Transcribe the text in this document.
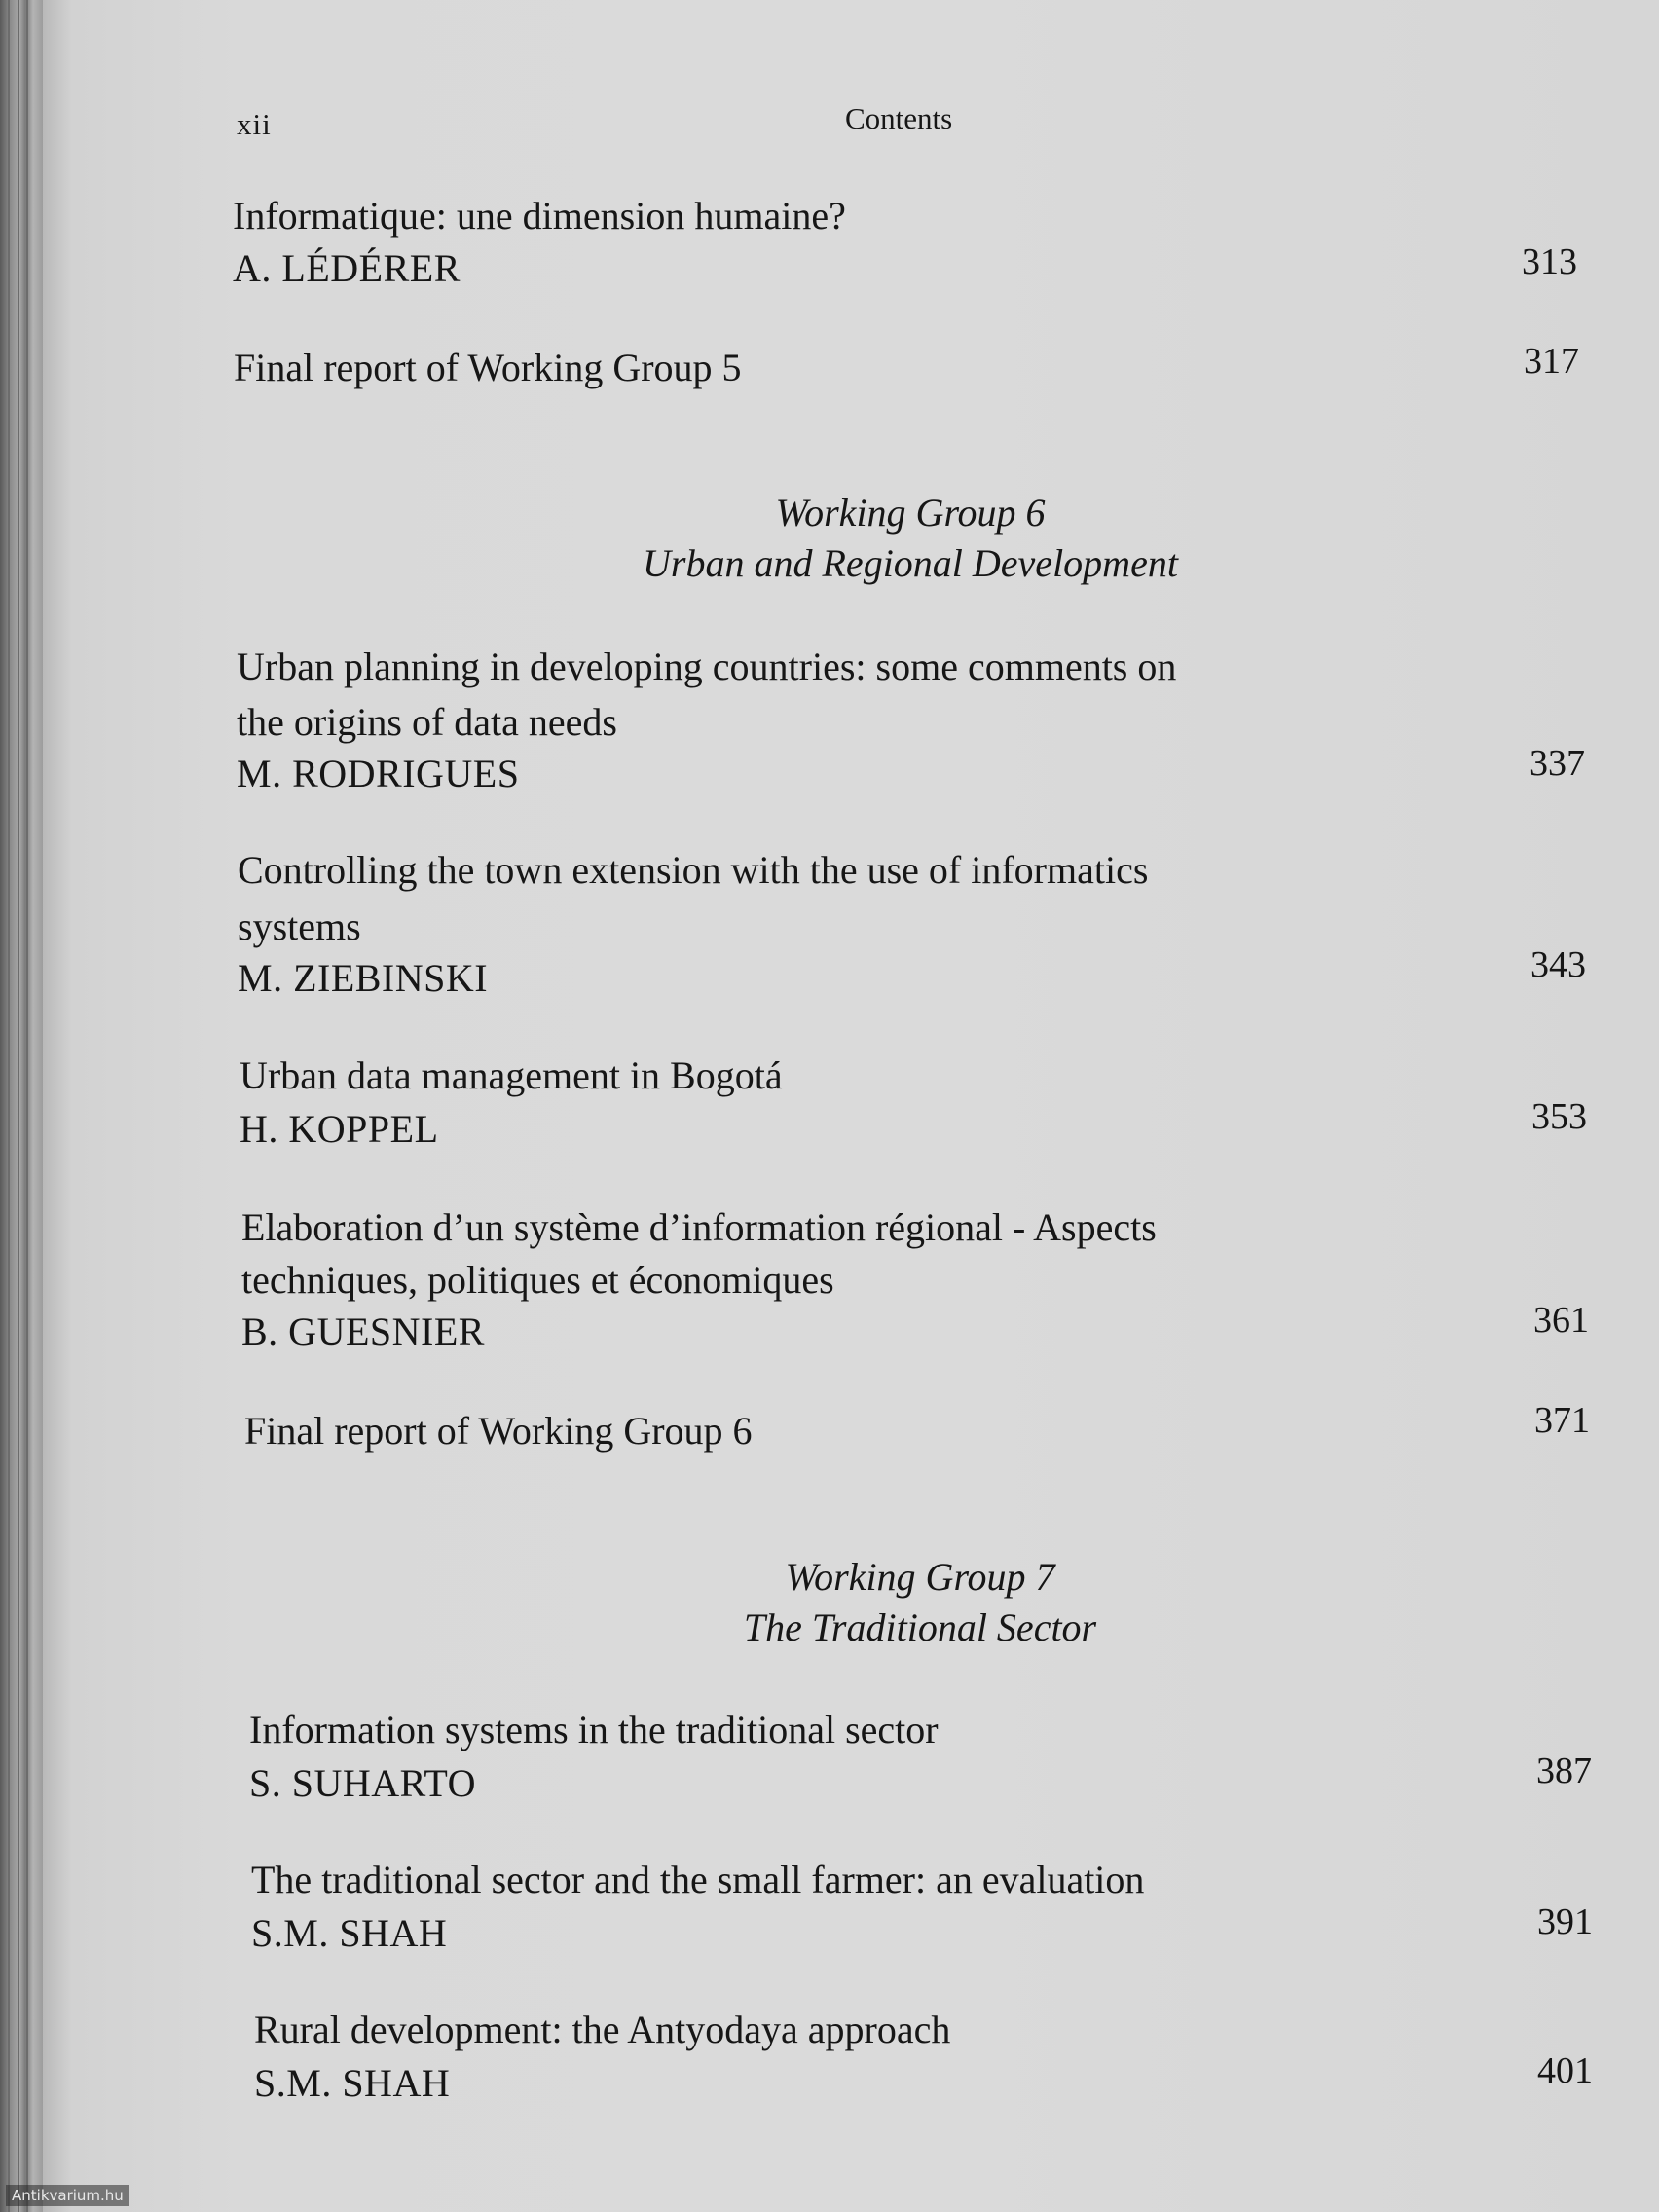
xii	Contents

Informatique: une dimension humaine?

A. LÉDÉRER	313

Final report of Working Group 5	317

Working Group 6

Urban and Regional Development

Urban planning in developing countries: some comments on

the origins of data needs

M. RODRIGUES	337

Controlling the town extension with the use of informatics

systems

M. ZIEBINSKI	343

Urban data management in Bogotá

H. KOPPEL	353

Elaboration d’un système d’information régional - Aspects

techniques, politiques et économiques

B. GUESNIER	361

Final report of Working Group 6	371

Working Group 7

The Traditional Sector

Information systems in the traditional sector

S. SUHARTO	387

The traditional sector and the small farmer: an evaluation

S.M. SHAH	391

Rural development: the Antyodaya approach

S.M. SHAH	401

Antikvarium.hu
